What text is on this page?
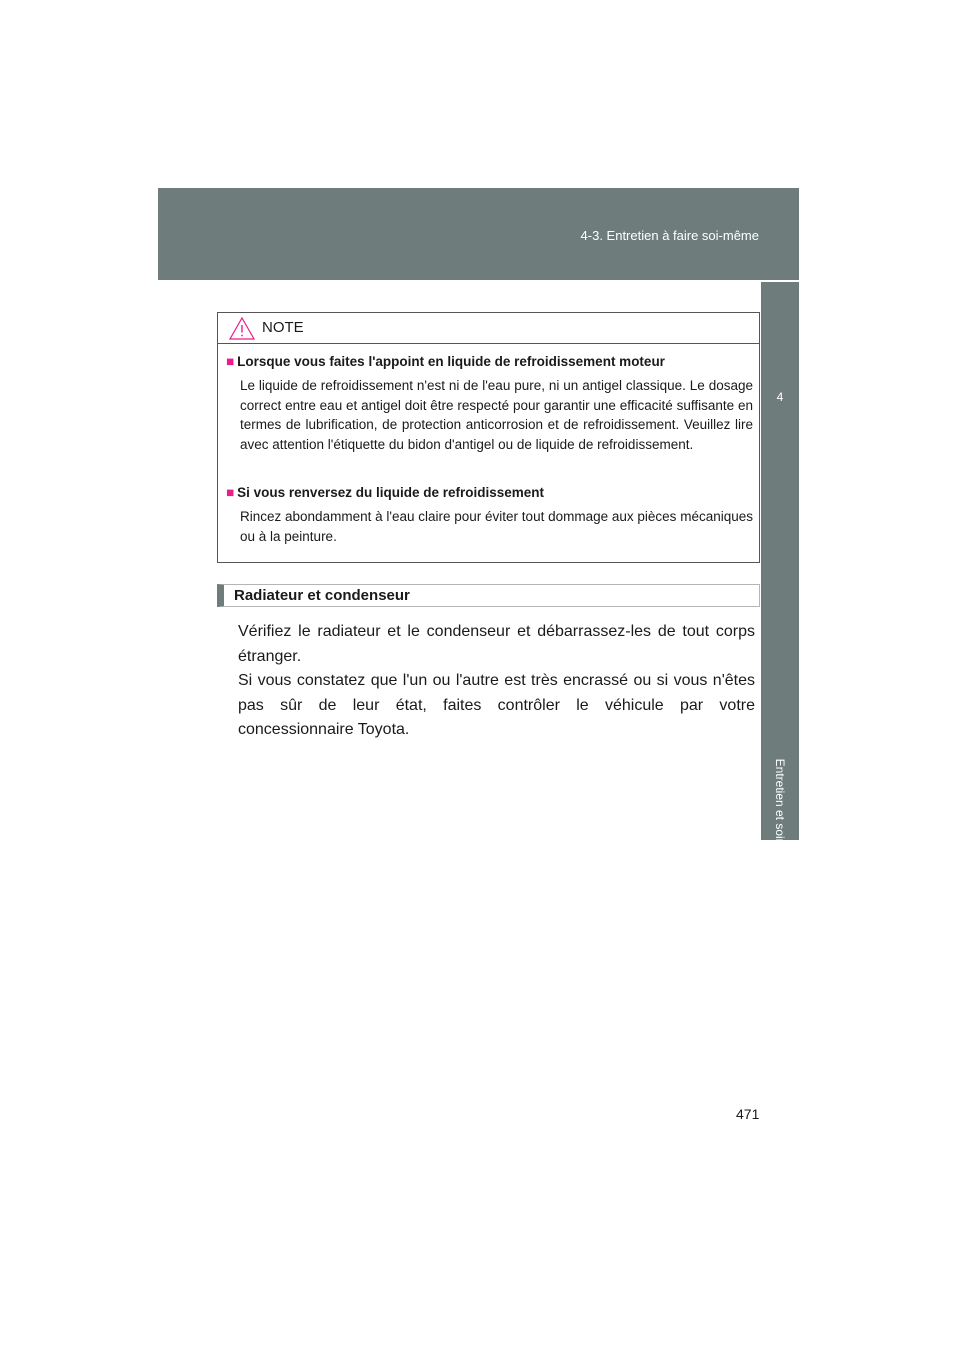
4-3. Entretien à faire soi-même
4
Entretien et soin
NOTE

■ Lorsque vous faites l'appoint en liquide de refroidissement moteur

Le liquide de refroidissement n'est ni de l'eau pure, ni un antigel classique. Le dosage correct entre eau et antigel doit être respecté pour garantir une efficacité suffisante en termes de lubrification, de protection anticorrosion et de refroidissement. Veuillez lire avec attention l'étiquette du bidon d'antigel ou de liquide de refroidissement.

■ Si vous renversez du liquide de refroidissement

Rincez abondamment à l'eau claire pour éviter tout dommage aux pièces mécaniques ou à la peinture.

Radiateur et condenseur
Vérifiez le radiateur et le condenseur et débarrassez-les de tout corps étranger.
Si vous constatez que l'un ou l'autre est très encrassé ou si vous n'êtes pas sûr de leur état, faites contrôler le véhicule par votre concessionnaire Toyota.
471
